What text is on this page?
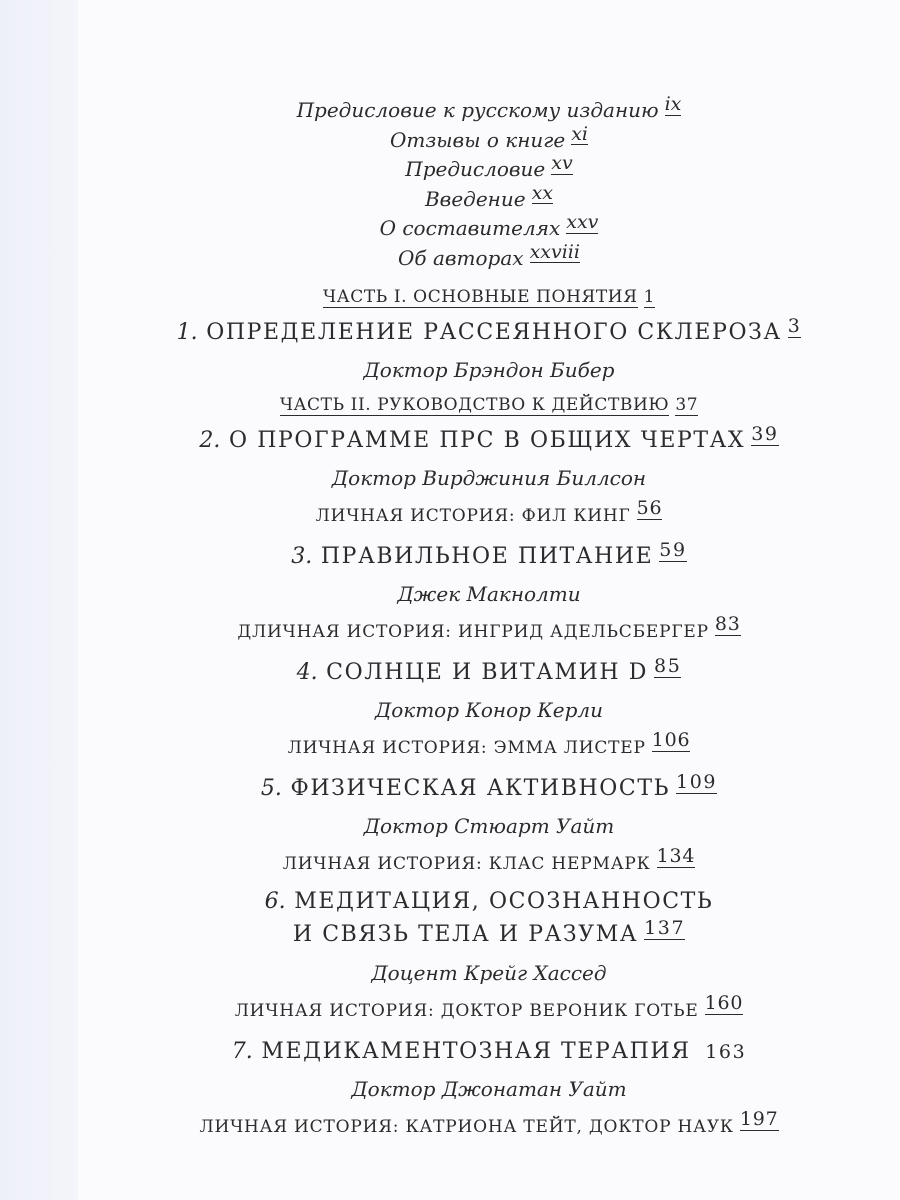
Предисловие к русскому изданию ix
Отзывы о книге xi
Предисловие xv
Введение xx
О составителях xxv
Об авторах xxviii
ЧАСТЬ I. ОСНОВНЫЕ ПОНЯТИЯ 1
1. ОПРЕДЕЛЕНИЕ РАССЕЯННОГО СКЛЕРОЗА 3
Доктор Брэндон Бибер
ЧАСТЬ II. РУКОВОДСТВО К ДЕЙСТВИЮ 37
2. О ПРОГРАММЕ ПРС В ОБЩИХ ЧЕРТАХ 39
Доктор Вирджиния Биллсон
ЛИЧНАЯ ИСТОРИЯ: ФИЛ КИНГ 56
3. ПРАВИЛЬНОЕ ПИТАНИЕ 59
Джек Макнолти
ДЛИЧНАЯ ИСТОРИЯ: ИНГРИД АДЕЛЬСБЕРГЕР 83
4. СОЛНЦЕ И ВИТАМИН D 85
Доктор Конор Керли
ЛИЧНАЯ ИСТОРИЯ: ЭММА ЛИСТЕР 106
5. ФИЗИЧЕСКАЯ АКТИВНОСТЬ 109
Доктор Стюарт Уайт
ЛИЧНАЯ ИСТОРИЯ: КЛАС НЕРМАРК 134
6. МЕДИТАЦИЯ, ОСОЗНАННОСТЬ
И СВЯЗЬ ТЕЛА И РАЗУМА 137
Доцент Крейг Хассед
ЛИЧНАЯ ИСТОРИЯ: ДОКТОР ВЕРОНИК ГОТЬЕ 160
7. МЕДИКАМЕНТОЗНАЯ ТЕРАПИЯ 163
Доктор Джонатан Уайт
ЛИЧНАЯ ИСТОРИЯ: КАТРИОНА ТЕЙТ, ДОКТОР НАУК 197
